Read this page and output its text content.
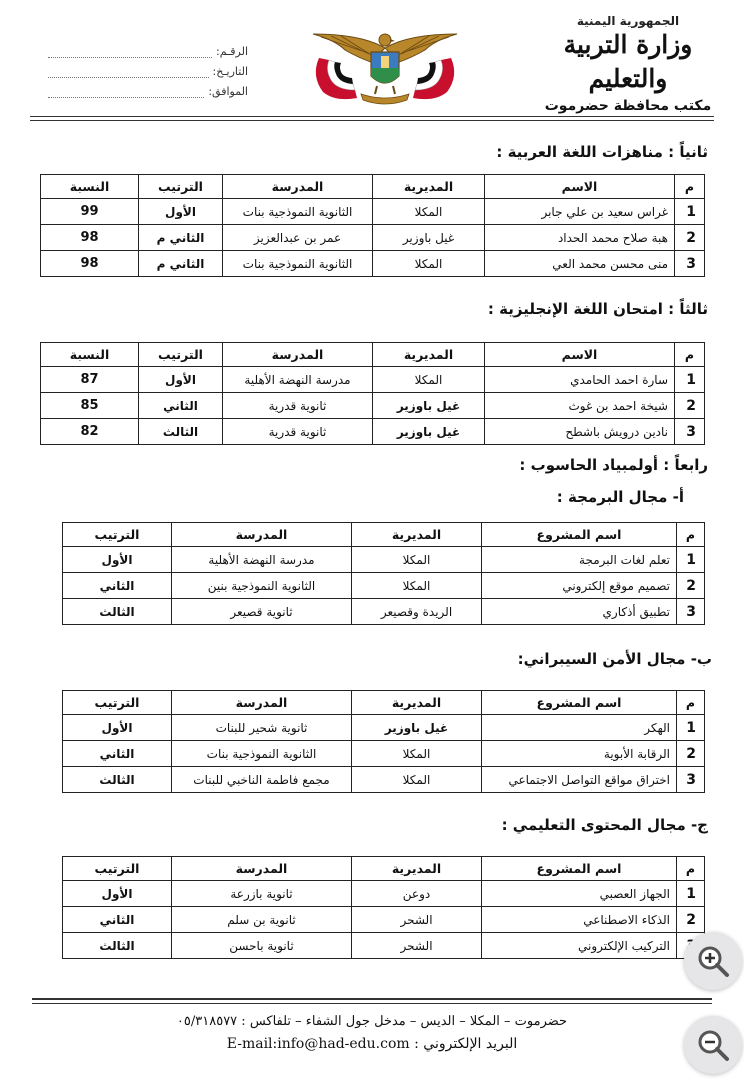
الجمهورية اليمنية
وزارة التربية والتعليم
مكتب محافظة حضرموت
الرقـم
:
التاريـخ
:
الموافق
:
ثانياً : مناهزات اللغة العربية :
م	الاسم	المديرية	المدرسة	الترتيب	النسبة
1	غراس سعيد بن علي جابر	المكلا	الثانوية النموذجية بنات	الأول	99
2	هبة صلاح محمد الحداد	غيل باوزير	عمر بن عبدالعزيز	الثاني م	98
3	منى محسن محمد العي	المكلا	الثانوية النموذجية بنات	الثاني م	98
ثالثاً : امتحان اللغة الإنجليزية :
م	الاسم	المديرية	المدرسة	الترتيب	النسبة
1	سارة احمد الحامدي	المكلا	مدرسة النهضة الأهلية	الأول	87
2	شيخة احمد بن غوث	غيل باوزير	ثانوية قدرية	الثاني	85
3	نادين درويش باشطح	غيل باوزير	ثانوية قدرية	الثالث	82
رابعاً : أولمبياد الحاسوب :
أ- مجال البرمجة :
م	اسم المشروع	المديرية	المدرسة	الترتيب
1	تعلم لغات البرمجة	المكلا	مدرسة النهضة الأهلية	الأول
2	تصميم موقع إلكتروني	المكلا	الثانوية النموذجية بنين	الثاني
3	تطبيق أذكاري	الريدة وقصيعر	ثانوية قصيعر	الثالث
ب- مجال الأمن السيبراني:
م	اسم المشروع	المديرية	المدرسة	الترتيب
1	الهكر	غيل باوزير	ثانوية شحير للبنات	الأول
2	الرقابة الأبوية	المكلا	الثانوية النموذجية بنات	الثاني
3	اختراق مواقع التواصل الاجتماعي	المكلا	مجمع فاطمة الناخبي للبنات	الثالث
ج- مجال المحتوى التعليمي :
م	اسم المشروع	المديرية	المدرسة	الترتيب
1	الجهاز العصبي	دوعن	ثانوية بازرعة	الأول
2	الذكاء الاصطناعي	الشحر	ثانوية بن سلم	الثاني
	التركيب الإلكتروني	الشحر	ثانوية باحسن	الثالث
حضرموت – المكلا – الديس – مدخل جول الشفاء – تلفاكس : ٠٥/٣١٨٥٧٧
البريد الإلكتروني : E-mail:info@had-edu.com
